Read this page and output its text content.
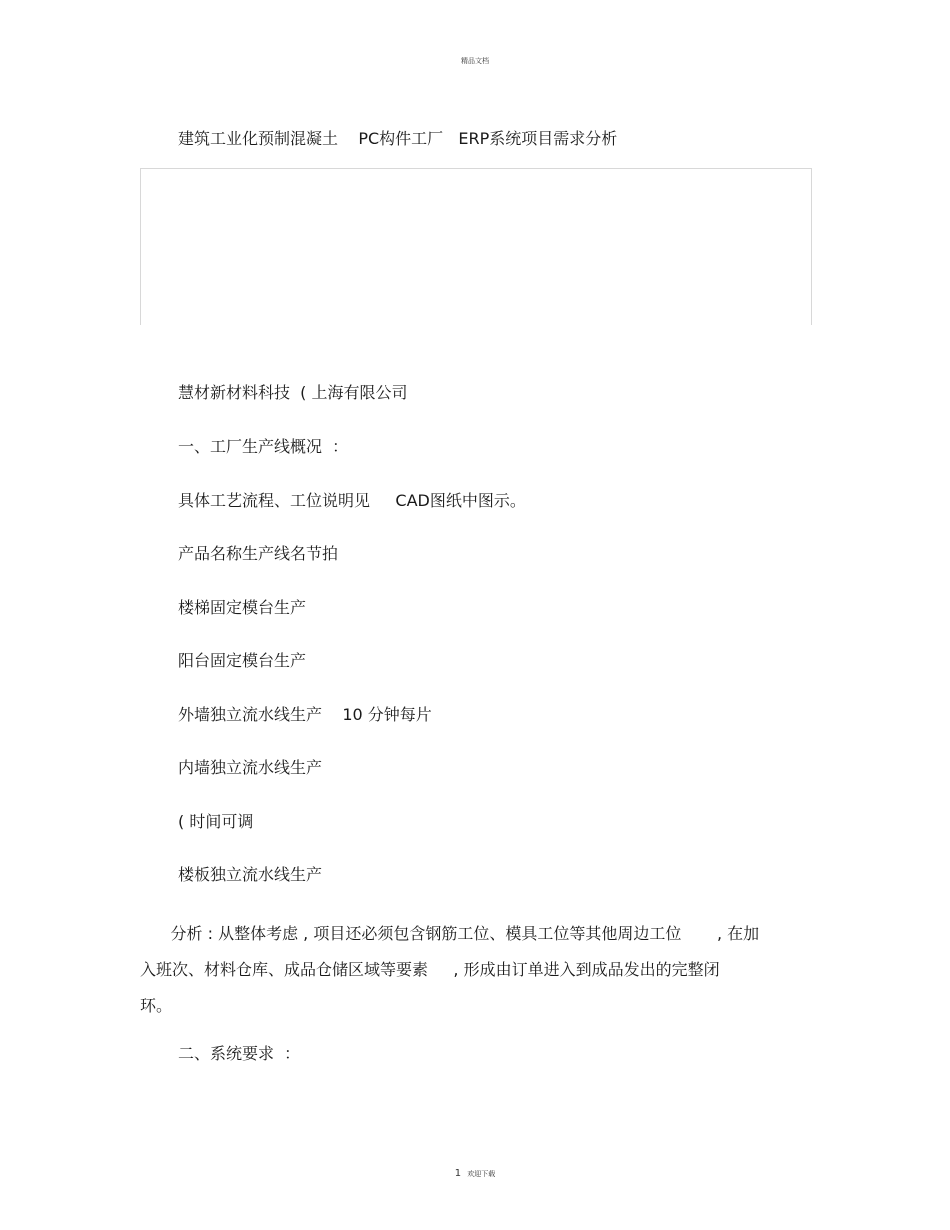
精品文档
建筑工业化预制混凝土    PC构件工厂   ERP系统项目需求分析
慧材新材料科技  ( 上海有限公司
一、工厂生产线概况  ：
具体工艺流程、工位说明见     CAD图纸中图示。
产品名称生产线名节拍
楼梯固定模台生产
阳台固定模台生产
外墙独立流水线生产    10 分钟每片
内墙独立流水线生产
( 时间可调
楼板独立流水线生产
分析 : 从整体考虑 , 项目还必须包含钢筋工位、模具工位等其他周边工位       , 在加
入班次、材料仓库、成品仓储区域等要素     , 形成由订单进入到成品发出的完整闭
环。
二、系统要求  ：
1 欢迎下载
